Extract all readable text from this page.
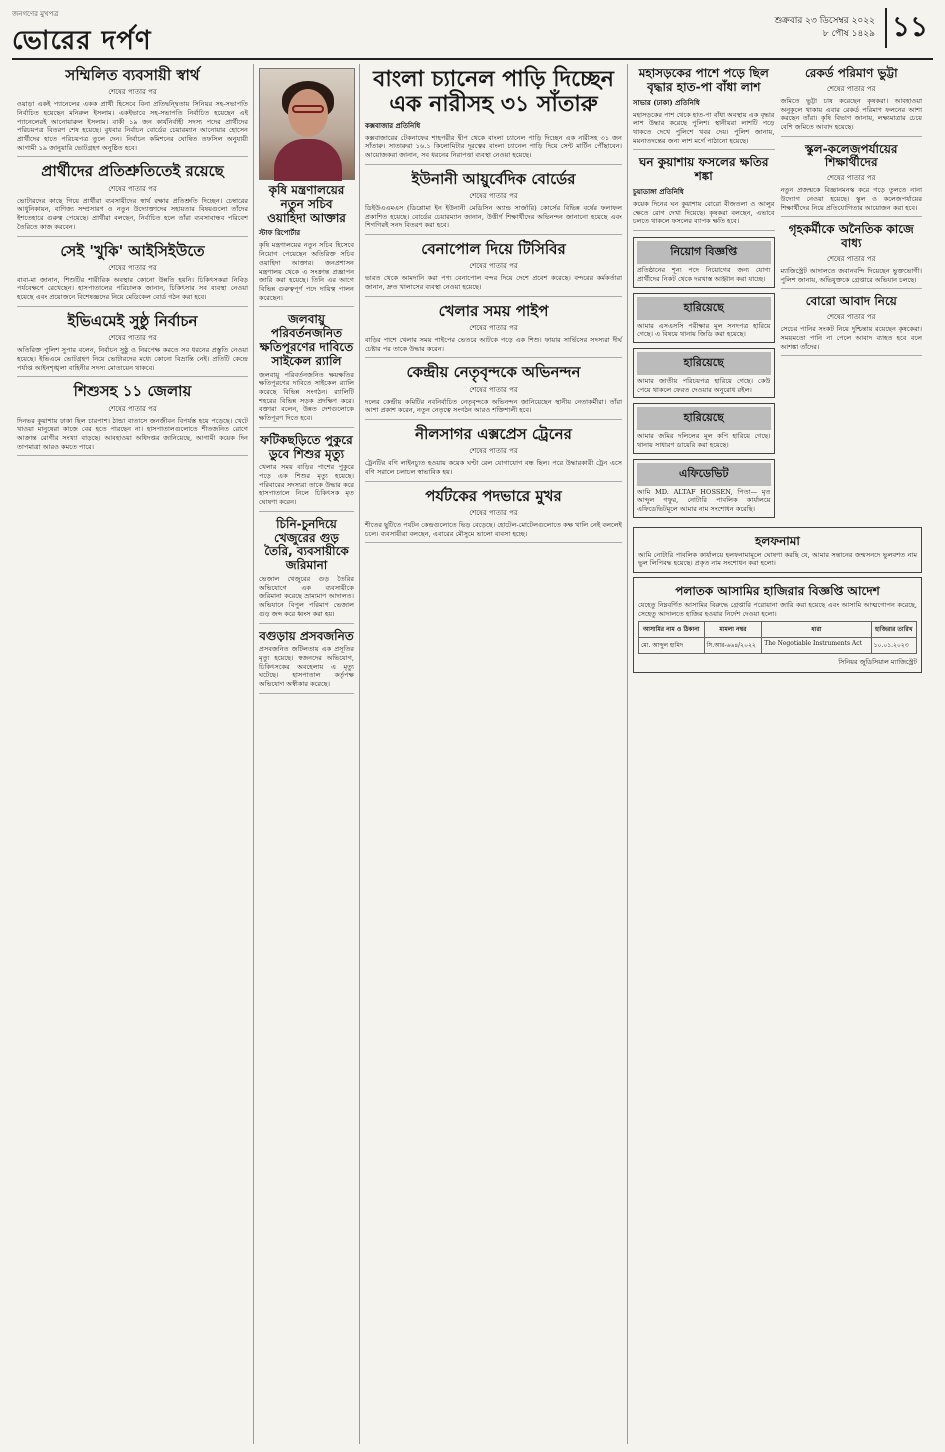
জনগণের মুখপত্র
ভোরের দর্পণ
শুক্রবার ২৩ ডিসেম্বর ২০২২
৮ পৌষ ১৪২৯ ১১
সম্মিলিত ব্যবসায়ী স্বার্থ
শেষের পাতার পর
ওয়াড়া একই প্যানেলের একক প্রার্থী হিসেবে বিনা প্রতিদ্বন্দ্বিতায় সিনিয়র সহ-সভাপতি নির্বাচিত হয়েছেন মনিরুল ইসলাম। একইভাবে সহ-সভাপতি নির্বাচিত হয়েছেন এই প্যানেলেরই আনোয়ারুল ইসলাম। বাকী ১৯ জন কার্যনির্বাহী সদস্য পদের প্রার্থীদের পরিচয়পত্র বিতরণ শেষ হয়েছে। বুধবার নির্বাচন বোর্ডের চেয়ারম্যান আনোয়ার হোসেন প্রার্থীদের হাতে পরিচয়পত্র তুলে দেন। নির্বাচন কমিশনের ঘোষিত তফসিল অনুযায়ী আগামী ১৯ জানুয়ারি ভোটগ্রহণ অনুষ্ঠিত হবে।
প্রার্থীদের প্রতিশ্রুতিতেই রয়েছে
শেষের পাতার পর
ভোটারদের কাছে গিয়ে প্রার্থীরা ব্যবসায়ীদের স্বার্থ রক্ষার প্রতিশ্রুতি দিচ্ছেন। চেম্বারের আধুনিকায়ন, বাণিজ্য সম্প্রসারণ ও নতুন উদ্যোক্তাদের সহায়তার বিষয়গুলো তাঁদের ইশতেহারে গুরুত্ব পেয়েছে। প্রার্থীরা বলছেন, নির্বাচিত হলে তাঁরা ব্যবসাবান্ধব পরিবেশ তৈরিতে কাজ করবেন।
সেই 'খুকি' আইসিইউতে
শেষের পাতার পর
বাবা-মা জানান, শিশুটির শারীরিক অবস্থার কোনো উন্নতি হয়নি। চিকিৎসকরা নিবিড় পর্যবেক্ষণে রেখেছেন। হাসপাতালের পরিচালক জানান, চিকিৎসার সব ব্যবস্থা নেওয়া হয়েছে এবং প্রয়োজনে বিশেষজ্ঞদের নিয়ে মেডিকেল বোর্ড গঠন করা হবে।
ইভিএমেই সুষ্ঠু নির্বাচন
শেষের পাতার পর
অতিরিক্ত পুলিশ সুপার বলেন, নির্বাচন সুষ্ঠু ও নিরপেক্ষ করতে সব ধরনের প্রস্তুতি নেওয়া হয়েছে। ইভিএমে ভোটগ্রহণ নিয়ে ভোটারদের মধ্যে কোনো বিভ্রান্তি নেই। প্রতিটি কেন্দ্রে পর্যাপ্ত আইনশৃঙ্খলা বাহিনীর সদস্য মোতায়েন থাকবে।
শিশুসহ ১১ জেলায়
শেষের পাতার পর
দিনভর কুয়াশায় ঢাকা ছিল চারপাশ। ঠান্ডা বাতাসে জনজীবন বিপর্যস্ত হয়ে পড়েছে। খেটে খাওয়া মানুষেরা কাজে বের হতে পারছেন না। হাসপাতালগুলোতে শীতজনিত রোগে আক্রান্ত রোগীর সংখ্যা বাড়ছে। আবহাওয়া অধিদপ্তর জানিয়েছে, আগামী কয়েক দিন তাপমাত্রা আরও কমতে পারে।
কৃষি মন্ত্রণালয়ের নতুন সচিব ওয়াহিদা আক্তার
স্টাফ রিপোর্টার
কৃষি মন্ত্রণালয়ের নতুন সচিব হিসেবে নিয়োগ পেয়েছেন অতিরিক্ত সচিব ওয়াহিদা আক্তার। জনপ্রশাসন মন্ত্রণালয় থেকে এ সংক্রান্ত প্রজ্ঞাপন জারি করা হয়েছে। তিনি এর আগে বিভিন্ন গুরুত্বপূর্ণ পদে দায়িত্ব পালন করেছেন।
জলবায়ু পরিবর্তনজনিত ক্ষতিপূরণের দাবিতে সাইকেল র‍্যালি
জলবায়ু পরিবর্তনজনিত ক্ষয়ক্ষতির ক্ষতিপূরণের দাবিতে সাইকেল র‍্যালি করেছে বিভিন্ন সংগঠন। র‍্যালিটি শহরের বিভিন্ন সড়ক প্রদক্ষিণ করে। বক্তারা বলেন, উন্নত দেশগুলোকে ক্ষতিপূরণ দিতে হবে।
ফটিকছড়িতে পুকুরে ডুবে শিশুর মৃত্যু
খেলার সময় বাড়ির পাশের পুকুরে পড়ে এক শিশুর মৃত্যু হয়েছে। পরিবারের সদস্যরা তাকে উদ্ধার করে হাসপাতালে নিলে চিকিৎসক মৃত ঘোষণা করেন।
চিনি-চুনদিয়ে খেজুরের গুড় তৈরি, ব্যবসায়ীকে জরিমানা
ভেজাল খেজুরের গুড় তৈরির অভিযোগে এক ব্যবসায়ীকে জরিমানা করেছে ভ্রাম্যমাণ আদালত। অভিযানে বিপুল পরিমাণ ভেজাল গুড় জব্দ করে ধ্বংস করা হয়।
বগুড়ায় প্রসবজনিত
প্রসবজনিত জটিলতায় এক প্রসূতির মৃত্যু হয়েছে। স্বজনদের অভিযোগ, চিকিৎসকের অবহেলায় এ মৃত্যু ঘটেছে। হাসপাতাল কর্তৃপক্ষ অভিযোগ অস্বীকার করেছে।
বাংলা চ্যানেল পাড়ি দিচ্ছেন এক নারীসহ ৩১ সাঁতারু
কক্সবাজার প্রতিনিধি
কক্সবাজারের টেকনাফের শাহপরীর দ্বীপ থেকে বাংলা চ্যানেল পাড়ি দিচ্ছেন এক নারীসহ ৩১ জন সাঁতারু। সাতারুরা ১৬.১ কিলোমিটার দূরত্বের বাংলা চ্যানেল পাড়ি দিয়ে সেন্ট মার্টিন পৌঁছাবেন। আয়োজকরা জানান, সব ধরনের নিরাপত্তা ব্যবস্থা নেওয়া হয়েছে।
ইউনানী আয়ুর্বেদিক বোর্ডের
শেষের পাতার পর
ডিইউএএমএস (ডিপ্লোমা ইন ইউনানী মেডিসিন অ্যান্ড সার্জারি) কোর্সের বিভিন্ন বর্ষের ফলাফল প্রকাশিত হয়েছে। বোর্ডের চেয়ারম্যান জানান, উত্তীর্ণ শিক্ষার্থীদের অভিনন্দন জানানো হয়েছে এবং শিগগিরই সনদ বিতরণ করা হবে।
বেনাপোল দিয়ে টিসিবির
শেষের পাতার পর
ভারত থেকে আমদানি করা পণ্য বেনাপোল বন্দর দিয়ে দেশে প্রবেশ করেছে। বন্দরের কর্মকর্তারা জানান, দ্রুত খালাসের ব্যবস্থা নেওয়া হয়েছে।
খেলার সময় পাইপ
শেষের পাতার পর
বাড়ির পাশে খেলার সময় পাইপের ভেতরে আটকে পড়ে এক শিশু। ফায়ার সার্ভিসের সদস্যরা দীর্ঘ চেষ্টার পর তাকে উদ্ধার করেন।
কেন্দ্রীয় নেতৃবৃন্দকে অভিনন্দন
শেষের পাতার পর
দলের কেন্দ্রীয় কমিটির নবনির্বাচিত নেতৃবৃন্দকে অভিনন্দন জানিয়েছেন স্থানীয় নেতাকর্মীরা। তাঁরা আশা প্রকাশ করেন, নতুন নেতৃত্বে সংগঠন আরও শক্তিশালী হবে।
নীলসাগর এক্সপ্রেস ট্রেনের
শেষের পাতার পর
ট্রেনটির বগি লাইনচ্যুত হওয়ায় কয়েক ঘণ্টা রেল যোগাযোগ বন্ধ ছিল। পরে উদ্ধারকারী ট্রেন এসে বগি সরালে চলাচল স্বাভাবিক হয়।
পর্যটকের পদভারে মুখর
শেষের পাতার পর
শীতের ছুটিতে পর্যটন কেন্দ্রগুলোতে ভিড় বেড়েছে। হোটেল-মোটেলগুলোতে কক্ষ খালি নেই বললেই চলে। ব্যবসায়ীরা বলছেন, এবারের মৌসুমে ভালো ব্যবসা হচ্ছে।
মহাসড়কের পাশে পড়ে ছিল বৃদ্ধার হাত-পা বাঁধা লাশ
সাভার (ঢাকা) প্রতিনিধি
মহাসড়কের পাশ থেকে হাত-পা বাঁধা অবস্থায় এক বৃদ্ধার লাশ উদ্ধার করেছে পুলিশ। স্থানীয়রা লাশটি পড়ে থাকতে দেখে পুলিশে খবর দেয়। পুলিশ জানায়, ময়নাতদন্তের জন্য লাশ মর্গে পাঠানো হয়েছে।
ঘন কুয়াশায় ফসলের ক্ষতির শঙ্কা
চুয়াডাঙ্গা প্রতিনিধি
কয়েক দিনের ঘন কুয়াশায় বোরো বীজতলা ও আলুর ক্ষেতে রোগ দেখা দিয়েছে। কৃষকরা বলছেন, এভাবে চলতে থাকলে ফসলের ব্যাপক ক্ষতি হবে।
নিয়োগ বিজ্ঞপ্তি
প্রতিষ্ঠানের শূন্য পদে নিয়োগের জন্য যোগ্য প্রার্থীদের নিকট থেকে দরখাস্ত আহ্বান করা যাচ্ছে।
হারিয়েছে
আমার এসএসসি পরীক্ষার মূল সনদপত্র হারিয়ে গেছে। এ বিষয়ে থানায় জিডি করা হয়েছে।
হারিয়েছে
আমার জাতীয় পরিচয়পত্র হারিয়ে গেছে। কেউ পেয়ে থাকলে ফেরত দেওয়ার অনুরোধ রইল।
হারিয়েছে
আমার জমির দলিলের মূল কপি হারিয়ে গেছে। থানায় সাধারণ ডায়েরি করা হয়েছে।
এফিডেভিট
আমি MD. ALTAF HOSSEN, পিতা— মৃত আব্দুল গফুর, নোটারি পাবলিক কার্যালয়ে এফিডেভিটমূলে আমার নাম সংশোধন করেছি।
রেকর্ড পরিমাণ ভুট্টা
শেষের পাতার পর
জমিতে ভুট্টা চাষ করেছেন কৃষকরা। আবহাওয়া অনুকূলে থাকায় এবার রেকর্ড পরিমাণ ফলনের আশা করছেন তাঁরা। কৃষি বিভাগ জানায়, লক্ষ্যমাত্রার চেয়ে বেশি জমিতে আবাদ হয়েছে।
স্কুল-কলেজপর্যায়ের শিক্ষার্থীদের
শেষের পাতার পর
নতুন প্রজন্মকে বিজ্ঞানমনস্ক করে গড়ে তুলতে নানা উদ্যোগ নেওয়া হয়েছে। স্কুল ও কলেজপর্যায়ের শিক্ষার্থীদের নিয়ে প্রতিযোগিতার আয়োজন করা হবে।
গৃহকর্মীকে অনৈতিক কাজে বাধ্য
শেষের পাতার পর
ম্যাজিস্ট্রেট আদালতে জবানবন্দি দিয়েছেন ভুক্তভোগী। পুলিশ জানায়, অভিযুক্তকে গ্রেপ্তারে অভিযান চলছে।
বোরো আবাদ নিয়ে
শেষের পাতার পর
সেচের পানির সংকট নিয়ে দুশ্চিন্তায় রয়েছেন কৃষকেরা। সময়মতো পানি না পেলে আবাদ ব্যাহত হবে বলে আশঙ্কা তাঁদের।
হলফনামা
আমি নোটারি পাবলিক কার্যালয়ে হলফনামামূলে ঘোষণা করছি যে, আমার সন্তানের জন্মসনদে ভুলবশত নাম ভুল লিপিবদ্ধ হয়েছে। প্রকৃত নাম সংশোধন করা হলো।
পলাতক আসামির হাজিরার বিজ্ঞপ্তি আদেশ
যেহেতু নিম্নবর্ণিত আসামির বিরুদ্ধে গ্রেপ্তারি পরোয়ানা জারি করা হয়েছে এবং আসামি আত্মগোপন করেছে, সেহেতু আদালতে হাজির হওয়ার নির্দেশ দেওয়া হলো।
আসামির নাম ও ঠিকানা	মামলা নম্বর	ধারা	হাজিরার তারিখ
মো. আব্দুল হামিদ	সি.আর-৬৬৪/২০২২	The Negotiable Instruments Act	১০.০১.২০২৩
সিনিয়র জুডিসিয়াল ম্যাজিস্ট্রেট
